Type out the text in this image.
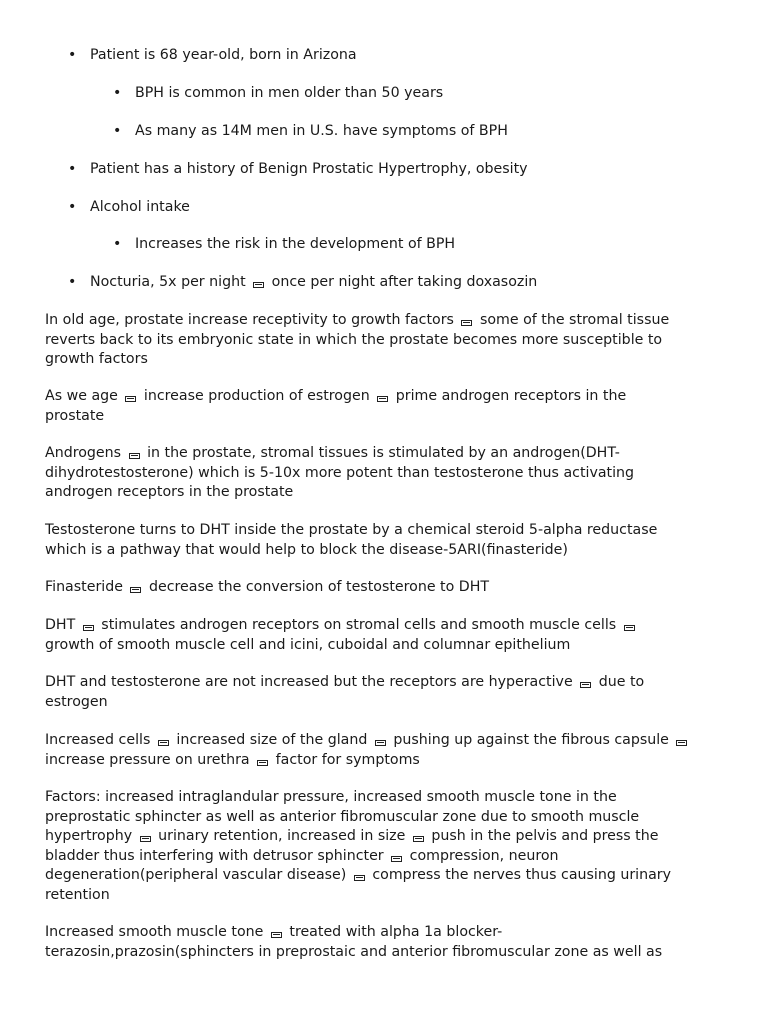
• Patient is 68 year-old, born in Arizona
• BPH is common in men older than 50 years
• As many as 14M men in U.S. have symptoms of BPH
• Patient has a history of Benign Prostatic Hypertrophy, obesity
• Alcohol intake
• Increases the risk in the development of BPH
• Nocturia, 5x per night once per night after taking doxasozin
In old age, prostate increase receptivity to growth factors some of the stromal tissue
reverts back to its embryonic state in which the prostate becomes more susceptible to
growth factors
As we age increase production of estrogen prime androgen receptors in the
prostate
Androgens in the prostate, stromal tissues is stimulated by an androgen(DHT-
dihydrotestosterone) which is 5-10x more potent than testosterone thus activating
androgen receptors in the prostate
Testosterone turns to DHT inside the prostate by a chemical steroid 5-alpha reductase
which is a pathway that would help to block the disease-5ARI(finasteride)
Finasteride decrease the conversion of testosterone to DHT
DHT stimulates androgen receptors on stromal cells and smooth muscle cells
growth of smooth muscle cell and icini, cuboidal and columnar epithelium
DHT and testosterone are not increased but the receptors are hyperactive due to
estrogen
Increased cells increased size of the gland pushing up against the fibrous capsule
increase pressure on urethra factor for symptoms
Factors: increased intraglandular pressure, increased smooth muscle tone in the
preprostatic sphincter as well as anterior fibromuscular zone due to smooth muscle
hypertrophy urinary retention, increased in size push in the pelvis and press the
bladder thus interfering with detrusor sphincter compression, neuron
degeneration(peripheral vascular disease) compress the nerves thus causing urinary
retention
Increased smooth muscle tone treated with alpha 1a blocker-
terazosin,prazosin(sphincters in preprostaic and anterior fibromuscular zone as well as
